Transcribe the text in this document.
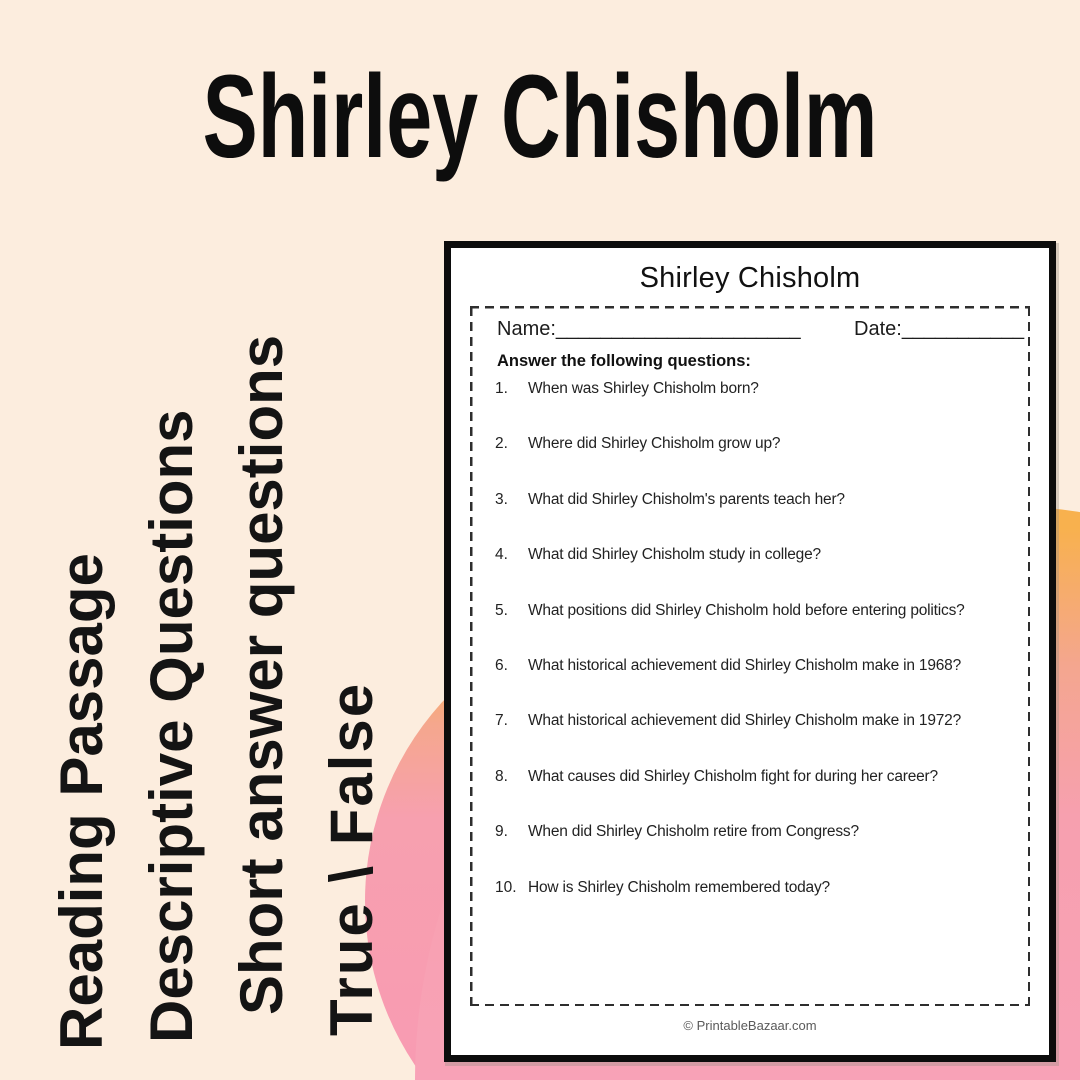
Shirley Chisholm
Reading Passage Descriptive Questions Short answer questions True \ False
Shirley Chisholm
Name:______________________	Date:___________
Answer the following questions:
1.	When was Shirley Chisholm born?
2.	Where did Shirley Chisholm grow up?
3.	What did Shirley Chisholm's parents teach her?
4.	What did Shirley Chisholm study in college?
5.	What positions did Shirley Chisholm hold before entering politics?
6.	What historical achievement did Shirley Chisholm make in 1968?
7.	What historical achievement did Shirley Chisholm make in 1972?
8.	What causes did Shirley Chisholm fight for during her career?
9.	When did Shirley Chisholm retire from Congress?
10. How is Shirley Chisholm remembered today?
© PrintableBazaar.com
